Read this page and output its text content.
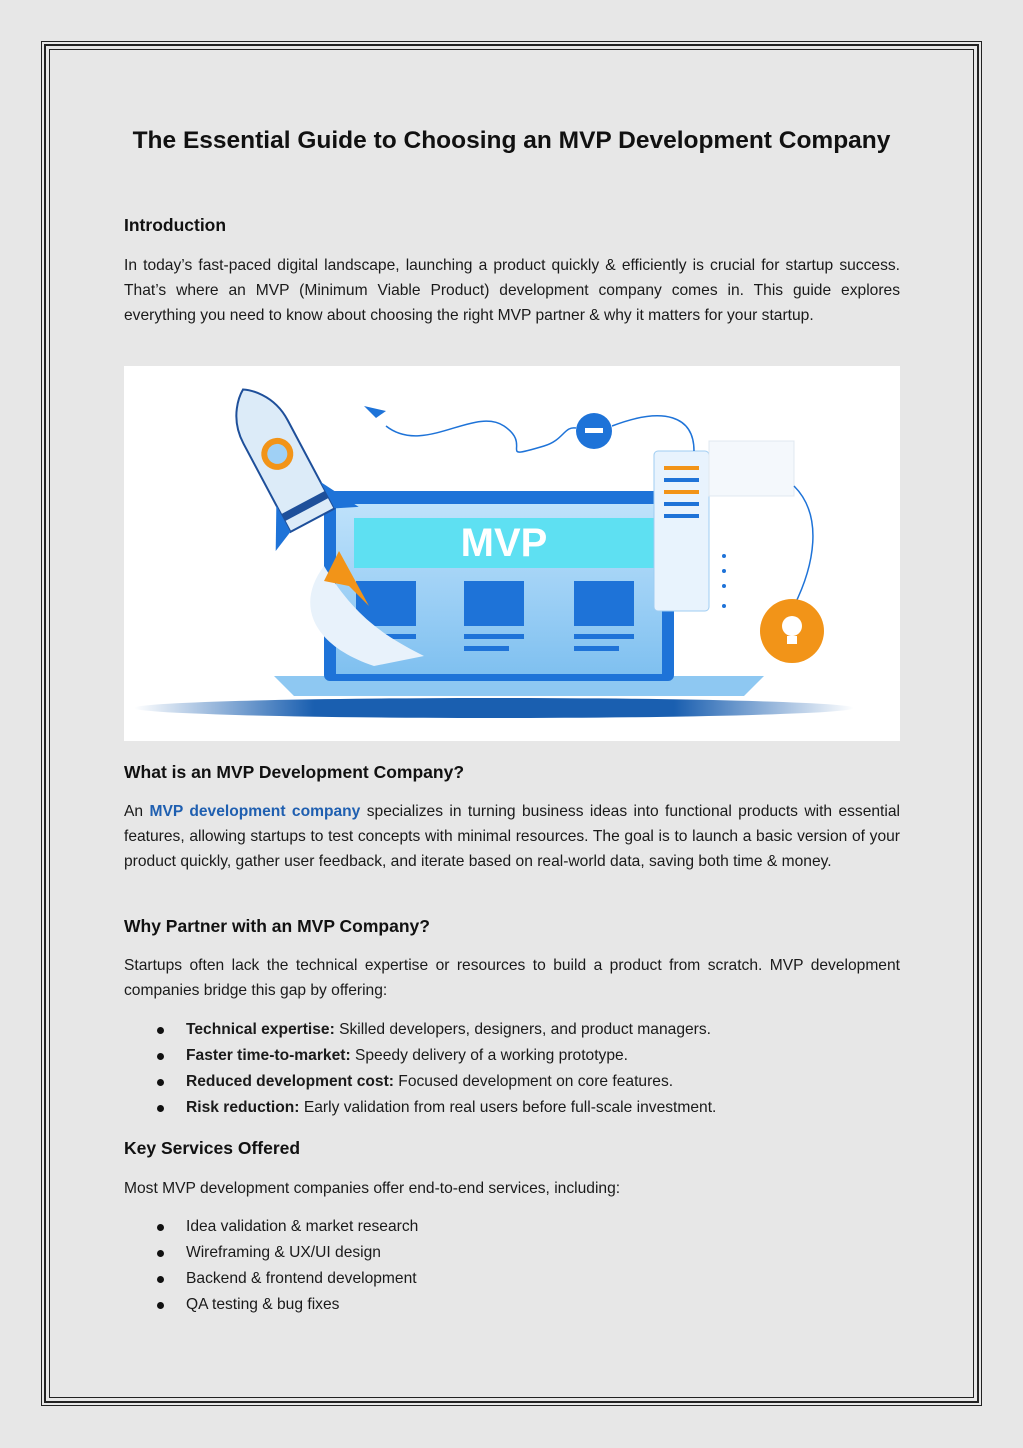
The Essential Guide to Choosing an MVP Development Company
Introduction

In today’s fast-paced digital landscape, launching a product quickly & efficiently is crucial for startup success. That’s where an MVP (Minimum Viable Product) development company comes in. This guide explores everything you need to know about choosing the right MVP partner & why it matters for your startup.

MVP
What is an MVP Development Company?

An MVP development company specializes in turning business ideas into functional products with essential features, allowing startups to test concepts with minimal resources. The goal is to launch a basic version of your product quickly, gather user feedback, and iterate based on real-world data, saving both time & money.

Why Partner with an MVP Company?

Startups often lack the technical expertise or resources to build a product from scratch. MVP development companies bridge this gap by offering:

Technical expertise: Skilled developers, designers, and product managers.
Faster time-to-market: Speedy delivery of a working prototype.
Reduced development cost: Focused development on core features.
Risk reduction: Early validation from real users before full-scale investment.
Key Services Offered

Most MVP development companies offer end-to-end services, including:

Idea validation & market research
Wireframing & UX/UI design
Backend & frontend development
QA testing & bug fixes
